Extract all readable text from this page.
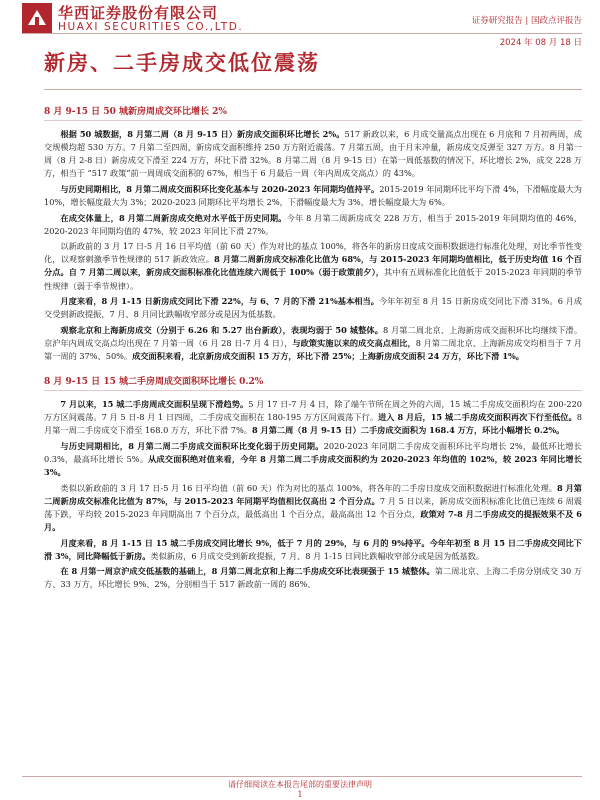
华西证券股份有限公司
HUAXI SECURITIES CO.,LTD.	证券研究报告 | 国政点评报告
2024 年 08 月 18 日
新房、二手房成交低位震荡
8 月 9-15 日 50 城新房周成交环比增长 2%

根据 50 城数据，8 月第二周（8 月 9-15 日）新房成交面积环比增长 2%。517 新政以来，6 月成交量高点出现在 6 月底和 7 月初两周，成交规模均超 530 万方。7 月第二至四周，新房成交面积维持 250 万方附近震荡。7 月第五周，由于月末冲量，新房成交反弹至 327 万方。8 月第一周（8 月 2-8 日）新房成交下滑至 224 万方，环比下滑 32%。8 月第二周（8 月 9-15 日）在第一周低基数的情况下，环比增长 2%，成交 228 万方，相当于 “517 政策”前一周周成交面积的 67%，相当于 6 月最后一周（年内周成交高点）的 43%。

与历史同期相比，8 月第二周成交面积环比变化基本与 2020-2023 年同期均值持平。2015-2019 年同期环比平均下滑 4%，下滑幅度最大为 10%，增长幅度最大为 3%；2020-2023 同期环比平均增长 2%，下滑幅度最大为 3%，增长幅度最大为 6%。

在成交体量上，8 月第二周新房成交绝对水平低于历史同期。今年 8 月第二周新房成交 228 万方，相当于 2015-2019 年同期均值的 46%，2020-2023 年同期均值的 47%，较 2023 年同比下滑 27%。

以新政前的 3 月 17 日-5 月 16 日平均值（前 60 天）作为对比的基点 100%，将各年的新房日度成交面积数据进行标准化处理，对比季节性变化，以观察刺激季节性规律的 517 新政效应。8 月第二周新房成交标准化比值为 68%，与 2015-2023 年同期均值相比，低于历史均值 16 个百分点。自 7 月第二周以来，新房成交面积标准化比值连续六周低于 100%（弱于政策前夕），其中有五周标准化比值低于 2015-2023 年同期的季节性规律（弱于季节规律）。

月度来看，8 月 1-15 日新房成交同比下滑 22%，与 6、7 月的下滑 21%基本相当。今年年初至 8 月 15 日新房成交同比下滑 31%。6 月成交受到新政提振，7 月、8 月同比跌幅收窄部分或是因为低基数。

观察北京和上海新房成交（分别于 6.26 和 5.27 出台新政），表现均弱于 50 城整体。8 月第二周北京、上海新房成交面积环比均继续下滑。京沪年内周成交高点均出现在 7 月第一周（6 月 28 日-7 月 4 日），与政策实施以来的成交高点相比，8 月第二周北京、上海新房成交均相当于 7 月第一周的 37%、50%。成交面积来看，北京新房成交面积 15 万方，环比下滑 25%；上海新房成交面积 24 万方，环比下滑 1%。

8 月 9-15 日 15 城二手房周成交面积环比增长 0.2%

7 月以来，15 城二手房周成交面积呈现下滑趋势。5 月 17 日-7 月 4 日，除了端午节所在周之外的六周，15 城二手房成交面积均在 200-220 万方区间震荡。7 月 5 日-8 月 1 日四周，二手房成交面积在 180-195 万方区间震荡下行。进入 8 月后，15 城二手房成交面积再次下行至低位。8 月第一周二手房成交下滑至 168.0 万方，环比下滑 7%。8 月第二周（8 月 9-15 日）二手房成交面积为 168.4 万方，环比小幅增长 0.2%。

与历史同期相比，8 月第二周二手房成交面积环比变化弱于历史同期。2020-2023 年同期二手房成交面积环比平均增长 2%，最低环比增长 0.3%，最高环比增长 5%。从成交面积绝对值来看，今年 8 月第二周二手房成交面积约为 2020-2023 年均值的 102%，较 2023 年同比增长 3%。

类似以新政前的 3 月 17 日-5 月 16 日平均值（前 60 天）作为对比的基点 100%，将各年的二手房日度成交面积数据进行标准化处理。8 月第二周新房成交标准化比值为 87%，与 2015-2023 年同期平均值相比仅高出 2 个百分点。7 月 5 日以来，新房成交面积标准化比值已连续 6 周震荡下跌，平均较 2015-2023 年同期高出 7 个百分点，最低高出 1 个百分点，最高高出 12 个百分点，政策对 7-8 月二手房成交的提振效果不及 6 月。

月度来看，8 月 1-15 日 15 城二手房成交同比增长 9%，低于 7 月的 29%，与 6 月的 9%持平。今年年初至 8 月 15 日二手房成交同比下滑 3%，同比降幅低于新房。类似新房，6 月成交受到新政提振，7 月、8 月 1-15 日同比跌幅收窄部分或是因为低基数。

在 8 月第一周京沪成交低基数的基础上，8 月第二周北京和上海二手房成交环比表现强于 15 城整体。第二周北京、上海二手房分别成交 30 万方、33 万方，环比增长 9%、2%，分别相当于 517 新政前一周的 86%、

请仔细阅读在本报告尾部的重要法律声明
1
